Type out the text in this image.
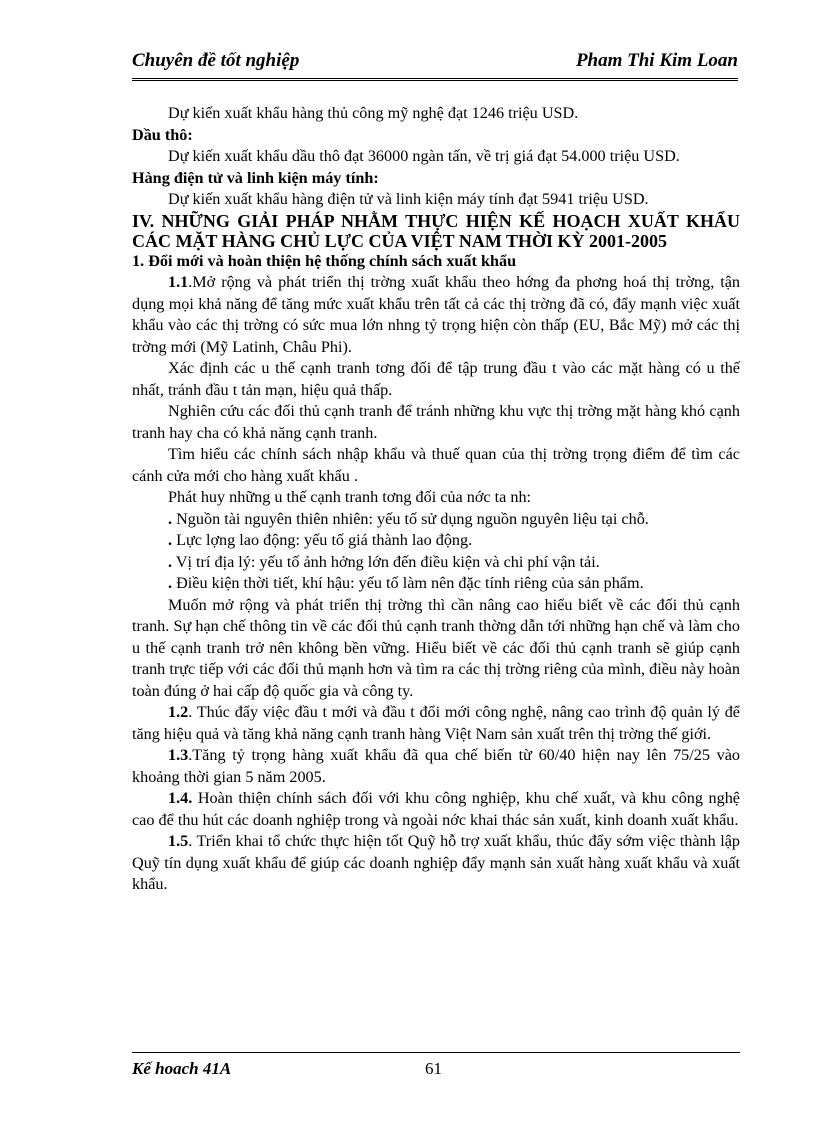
Chuyên đề tốt nghiệp	Pham Thi Kim Loan

Dự kiến xuất khẩu hàng thủ công mỹ nghệ đạt 1246 triệu USD.

Dầu thô:

Dự kiến xuất khẩu dầu thô đạt 36000 ngàn tấn, về trị giá đạt 54.000 triệu USD.

Hàng điện tử và linh kiện máy tính:

Dự kiến xuất khẩu hàng điện tử và linh kiện máy tính đạt 5941 triệu USD.

IV. NHỮNG GIẢI PHÁP NHẰM THỰC HIỆN KẾ HOẠCH XUẤT KHẨU CÁC MẶT HÀNG CHỦ LỰC CỦA VIỆT NAM THỜI KỲ 2001-2005

1. Đổi mới và hoàn thiện hệ thống chính sách xuất khẩu

1.1.Mở rộng và phát triển thị trờng xuất khẩu theo hớng đa phơng hoá thị trờng, tận dụng mọi khả năng để tăng mức xuất khẩu trên tất cả các thị trờng đã có, đẩy mạnh việc xuất khẩu vào các thị trờng có sức mua lớn nhng tỷ trọng hiện còn thấp (EU, Bắc Mỹ) mở các thị trờng mới (Mỹ Latinh, Châu Phi).

Xác định các u thế cạnh tranh tơng đối để tập trung đầu t vào các mặt hàng có u thế nhất, tránh đầu t tản mạn, hiệu quả thấp.

Nghiên cứu các đối thủ cạnh tranh để tránh những khu vực thị trờng mặt hàng khó cạnh tranh hay cha có khả năng cạnh tranh.

Tìm hiểu các chính sách nhập khẩu và thuế quan của thị trờng trọng điểm để tìm các cánh cửa mới cho hàng xuất khẩu .

Phát huy những u thế cạnh tranh tơng đối của nớc ta nh:

. Nguồn tài nguyên thiên nhiên: yếu tố sử dụng nguồn nguyên liệu tại chỗ.

. Lực lợng lao động: yếu tố giá thành lao động.

. Vị trí địa lý: yếu tố ảnh hởng lớn đến điều kiện và chi phí vận tải.

. Điều kiện thời tiết, khí hậu: yếu tố làm nên đặc tính riêng của sản phẩm.

Muốn mở rộng và phát triển thị trờng thì cần nâng cao hiểu biết về các đối thủ cạnh tranh. Sự hạn chế thông tin về các đối thủ cạnh tranh thờng dẫn tới những hạn chế và làm cho u thế cạnh tranh trở nên không bền vững. Hiểu biết về các đối thủ cạnh tranh sẽ giúp cạnh tranh trực tiếp với các đối thủ mạnh hơn và tìm ra các thị trờng riêng của mình, điều này hoàn toàn đúng ở hai cấp độ quốc gia và công ty.

1.2. Thúc đẩy việc đầu t mới và đầu t đổi mới công nghệ, nâng cao trình độ quản lý để tăng hiệu quả và tăng khả năng cạnh tranh hàng Việt Nam sản xuất trên thị trờng thế giới.

1.3.Tăng tỷ trọng hàng xuất khẩu đã qua chế biến từ 60/40 hiện nay lên 75/25 vào khoảng thời gian 5 năm 2005.

1.4. Hoàn thiện chính sách đối với khu công nghiệp, khu chế xuất, và khu công nghệ cao để thu hút các doanh nghiệp trong và ngoài nớc khai thác sản xuất, kinh doanh xuất khẩu.

1.5. Triển khai tổ chức thực hiện tốt Quỹ hỗ trợ xuất khẩu, thúc đẩy sớm việc thành lập Quỹ tín dụng xuất khẩu để giúp các doanh nghiệp đẩy mạnh sản xuất hàng xuất khẩu và xuất khẩu.

Kế hoach 41A	61
